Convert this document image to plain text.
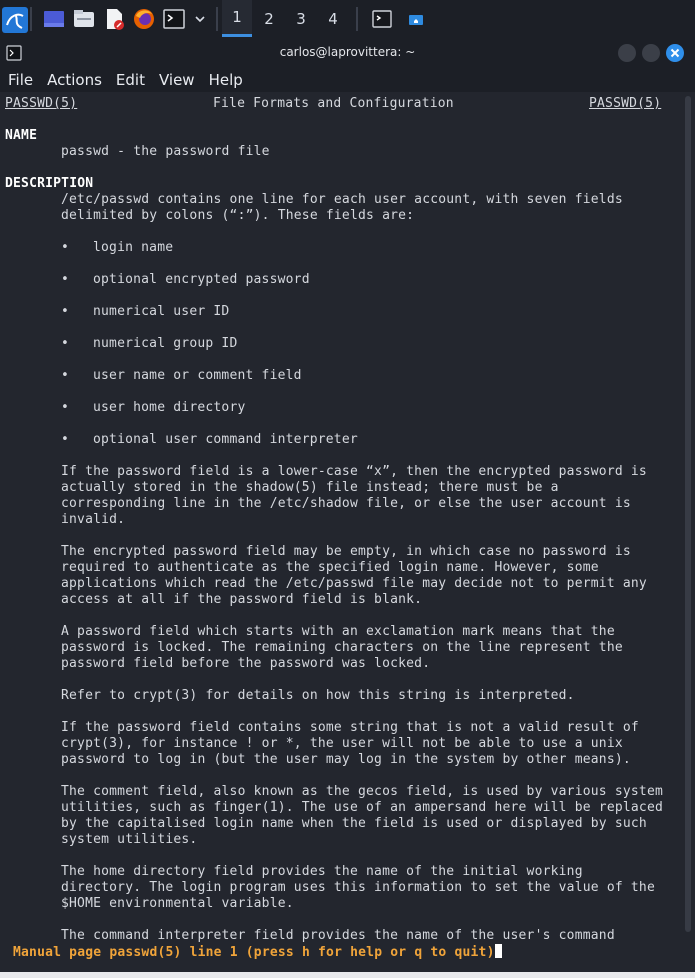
1	2	3	4
carlos@laprovittera: ~
File Actions Edit View Help
PASSWD(5)	File Formats and Configuration	PASSWD(5)
NAME
passwd - the password file
DESCRIPTION
/etc/passwd contains one line for each user account, with seven fields
delimited by colons (“:”). These fields are:
• login name
• optional encrypted password
• numerical user ID
• numerical group ID
• user name or comment field
• user home directory
• optional user command interpreter
If the password field is a lower-case “x”, then the encrypted password is
actually stored in the shadow(5) file instead; there must be a
corresponding line in the /etc/shadow file, or else the user account is
invalid.
The encrypted password field may be empty, in which case no password is
required to authenticate as the specified login name. However, some
applications which read the /etc/passwd file may decide not to permit any
access at all if the password field is blank.
A password field which starts with an exclamation mark means that the
password is locked. The remaining characters on the line represent the
password field before the password was locked.
Refer to crypt(3) for details on how this string is interpreted.
If the password field contains some string that is not a valid result of
crypt(3), for instance ! or *, the user will not be able to use a unix
password to log in (but the user may log in the system by other means).
The comment field, also known as the gecos field, is used by various system
utilities, such as finger(1). The use of an ampersand here will be replaced
by the capitalised login name when the field is used or displayed by such
system utilities.
The home directory field provides the name of the initial working
directory. The login program uses this information to set the value of the
$HOME environmental variable.
The command interpreter field provides the name of the user's command
Manual page passwd(5) line 1 (press h for help or q to quit)
